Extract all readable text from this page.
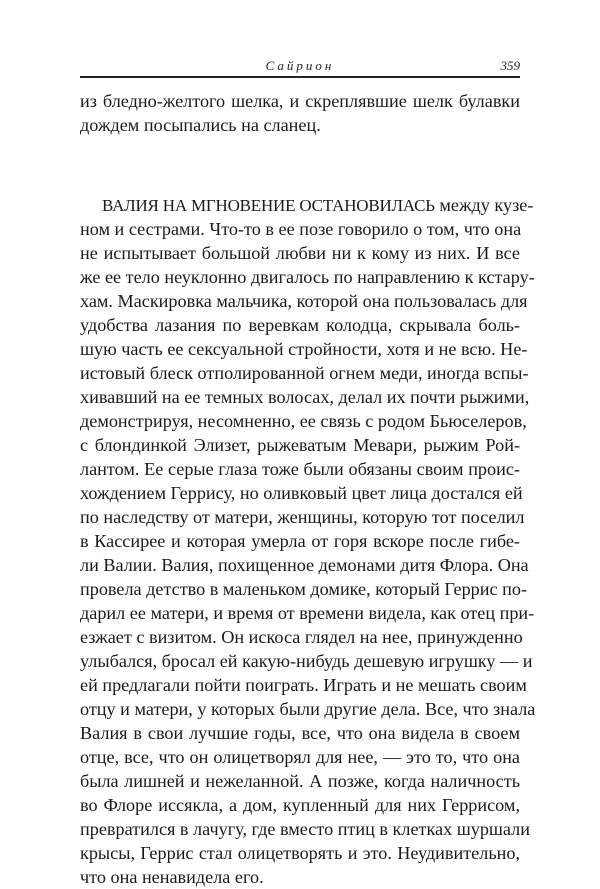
Сайрион	359
из бледно-желтого шелка, и скреплявшие шелк булавки
дождем посыпались на сланец.
ВАЛИЯ НА МГНОВЕНИЕ ОСТАНОВИЛАСЬ между кузе-
ном и сестрами. Что-то в ее позе говорило о том, что она
не испытывает большой любви ни к кому из них. И все
же ее тело неуклонно двигалось по направлению к кстару-
хам. Маскировка мальчика, которой она пользовалась для
удобства лазания по веревкам колодца, скрывала боль-
шую часть ее сексуальной стройности, хотя и не всю. Не-
истовый блеск отполированной огнем меди, иногда вспы-
хивавший на ее темных волосах, делал их почти рыжими,
демонстрируя, несомненно, ее связь с родом Бьюселеров,
с блондинкой Элизет, рыжеватым Мевари, рыжим Рой-
лантом. Ее серые глаза тоже были обязаны своим проис-
хождением Геррису, но оливковый цвет лица достался ей
по наследству от матери, женщины, которую тот поселил
в Кассирее и которая умерла от горя вскоре после гибе-
ли Валии. Валия, похищенное демонами дитя Флора. Она
провела детство в маленьком домике, который Геррис по-
дарил ее матери, и время от времени видела, как отец при-
езжает с визитом. Он искоса глядел на нее, принужденно
улыбался, бросал ей какую-нибудь дешевую игрушку — и
ей предлагали пойти поиграть. Играть и не мешать своим
отцу и матери, у которых были другие дела. Все, что знала
Валия в свои лучшие годы, все, что она видела в своем
отце, все, что он олицетворял для нее, — это то, что она
была лишней и нежеланной. А позже, когда наличность
во Флоре иссякла, а дом, купленный для них Геррисом,
превратился в лачугу, где вместо птиц в клетках шуршали
крысы, Геррис стал олицетворять и это. Неудивительно,
что она ненавидела его.
